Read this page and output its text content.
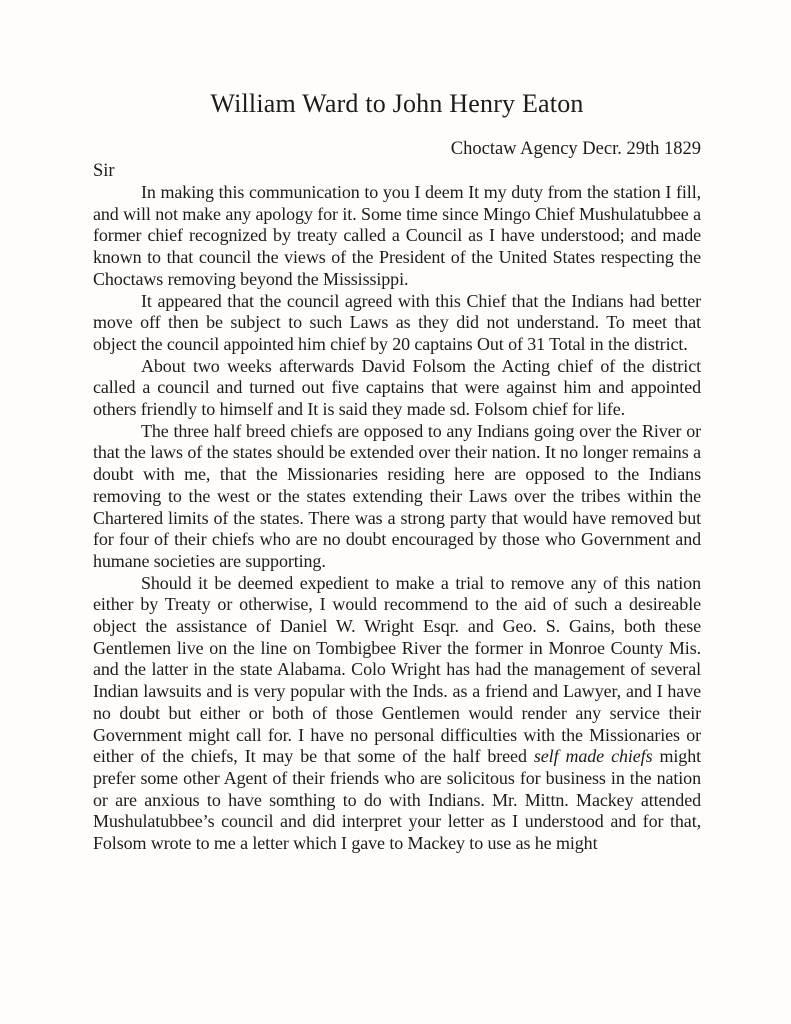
William Ward to John Henry Eaton
Choctaw Agency Decr. 29th 1829
Sir

In making this communication to you I deem It my duty from the station I fill, and will not make any apology for it. Some time since Mingo Chief Mushulatubbee a former chief recognized by treaty called a Council as I have understood; and made known to that council the views of the President of the United States respecting the Choctaws removing beyond the Mississippi.

It appeared that the council agreed with this Chief that the Indians had better move off then be subject to such Laws as they did not understand. To meet that object the council appointed him chief by 20 captains Out of 31 Total in the district.

About two weeks afterwards David Folsom the Acting chief of the district called a council and turned out five captains that were against him and appointed others friendly to himself and It is said they made sd. Folsom chief for life.

The three half breed chiefs are opposed to any Indians going over the River or that the laws of the states should be extended over their nation. It no longer remains a doubt with me, that the Missionaries residing here are opposed to the Indians removing to the west or the states extending their Laws over the tribes within the Chartered limits of the states. There was a strong party that would have removed but for four of their chiefs who are no doubt encouraged by those who Government and humane societies are supporting.

Should it be deemed expedient to make a trial to remove any of this nation either by Treaty or otherwise, I would recommend to the aid of such a desireable object the assistance of Daniel W. Wright Esqr. and Geo. S. Gains, both these Gentlemen live on the line on Tombigbee River the former in Monroe County Mis. and the latter in the state Alabama. Colo Wright has had the management of several Indian lawsuits and is very popular with the Inds. as a friend and Lawyer, and I have no doubt but either or both of those Gentlemen would render any service their Government might call for. I have no personal difficulties with the Missionaries or either of the chiefs, It may be that some of the half breed self made chiefs might prefer some other Agent of their friends who are solicitous for business in the nation or are anxious to have somthing to do with Indians. Mr. Mittn. Mackey attended Mushulatubbee’s council and did interpret your letter as I understood and for that, Folsom wrote to me a letter which I gave to Mackey to use as he might
